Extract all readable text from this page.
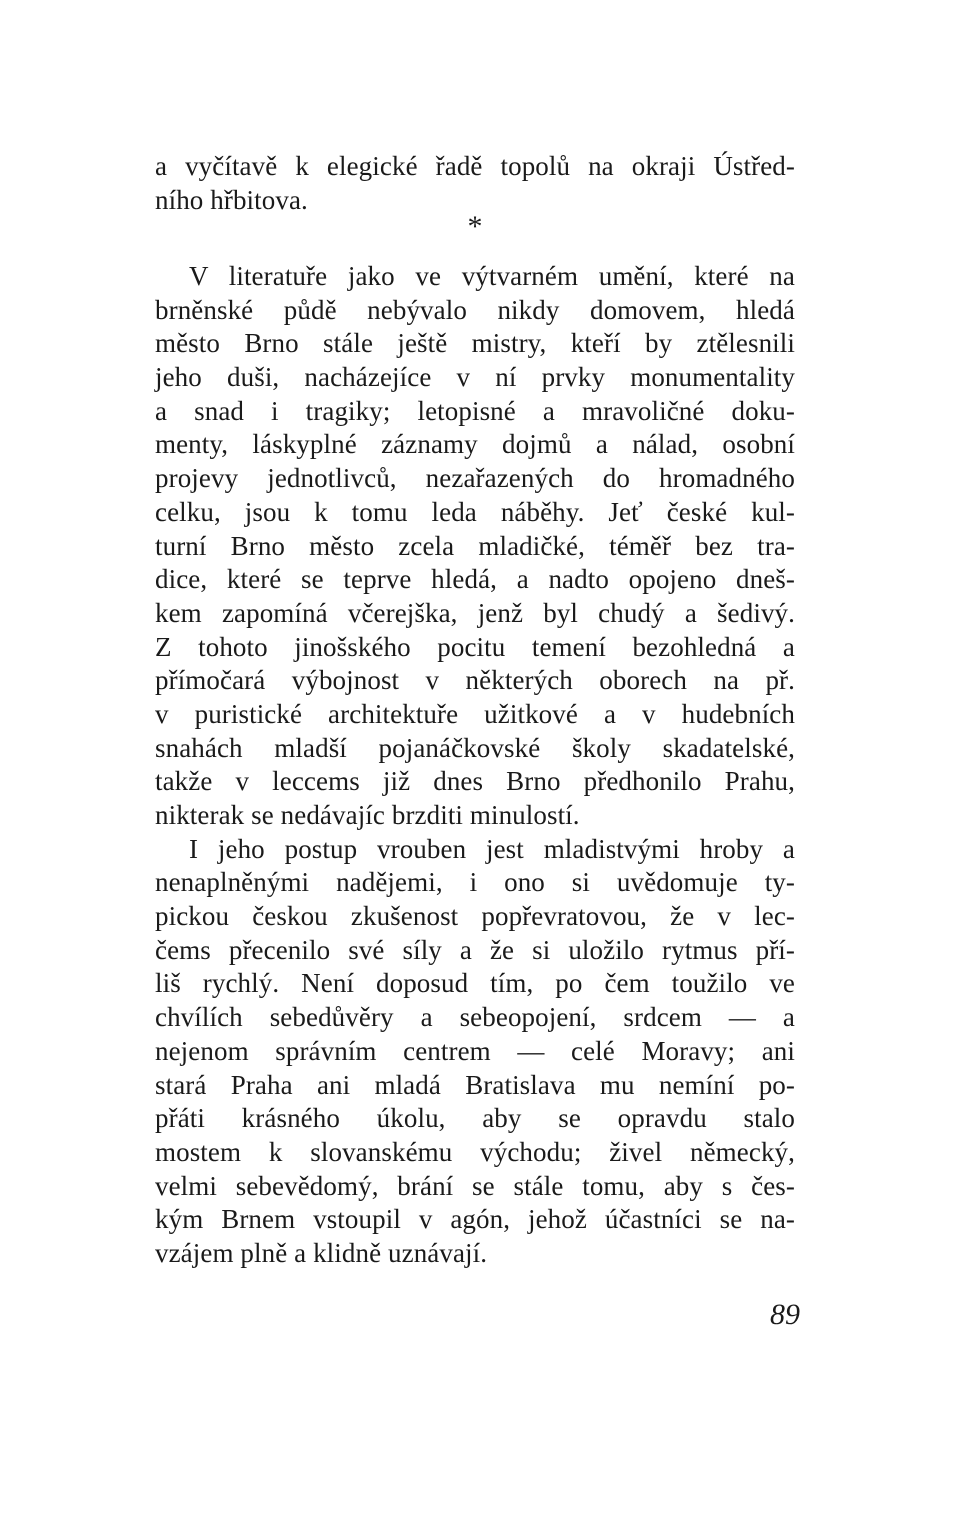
a vyčítavě k elegické řadě topolů na okraji Ústřed-
ního hřbitova.
*
V literatuře jako ve výtvarném umění, které na
brněnské půdě nebývalo nikdy domovem, hledá
město Brno stále ještě mistry, kteří by ztělesnili
jeho duši, nacházejíce v ní prvky monumentality
a snad i tragiky; letopisné a mravoličné doku-
menty, láskyplné záznamy dojmů a nálad, osobní
projevy jednotlivců, nezařazených do hromadného
celku, jsou k tomu leda náběhy. Jeť české kul-
turní Brno město zcela mladičké, téměř bez tra-
dice, které se teprve hledá, a nadto opojeno dneš-
kem zapomíná včerejška, jenž byl chudý a šedivý.
Z tohoto jinošského pocitu temení bezohledná a
přímočará výbojnost v některých oborech na př.
v puristické architektuře užitkové a v hudebních
snahách mladší pojanáčkovské školy skadatelské,
takže v leccems již dnes Brno předhonilo Prahu,
nikterak se nedávajíc brzditi minulostí.
I jeho postup vrouben jest mladistvými hroby a
nenaplněnými nadějemi, i ono si uvědomuje ty-
pickou českou zkušenost popřevratovou, že v lec-
čems přecenilo své síly a že si uložilo rytmus pří-
liš rychlý. Není doposud tím, po čem toužilo ve
chvílích sebedůvěry a sebeopojení, srdcem — a
nejenom správním centrem — celé Moravy; ani
stará Praha ani mladá Bratislava mu nemíní po-
přáti krásného úkolu, aby se opravdu stalo
mostem k slovanskému východu; živel německý,
velmi sebevědomý, brání se stále tomu, aby s čes-
kým Brnem vstoupil v agón, jehož účastníci se na-
vzájem plně a klidně uznávají.
89
